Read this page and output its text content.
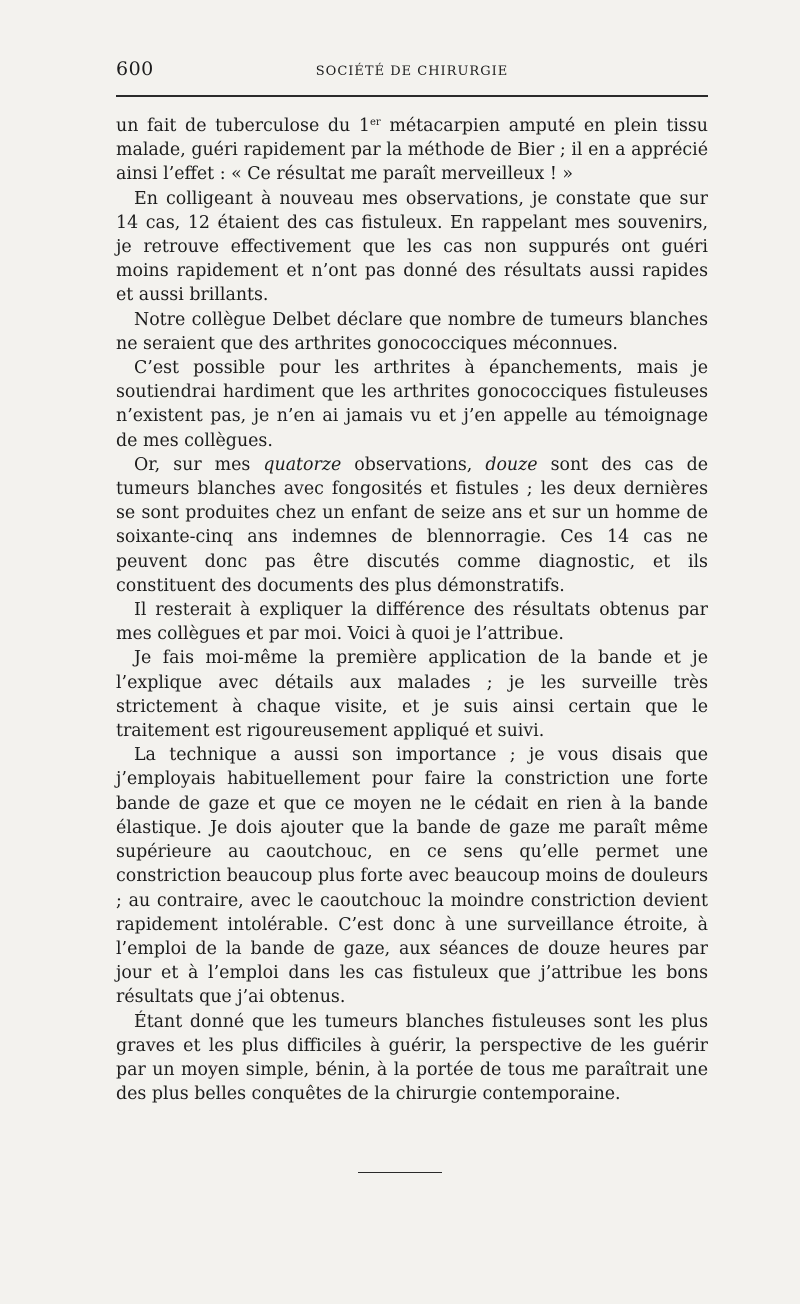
600	SOCIÉTÉ DE CHIRURGIE

un fait de tuberculose du 1er métacarpien amputé en plein tissu malade, guéri rapidement par la méthode de Bier ; il en a apprécié ainsi l’effet : « Ce résultat me paraît merveilleux ! »

En colligeant à nouveau mes observations, je constate que sur 14 cas, 12 étaient des cas fistuleux. En rappelant mes souvenirs, je retrouve effectivement que les cas non suppurés ont guéri moins rapidement et n’ont pas donné des résultats aussi rapides et aussi brillants.

Notre collègue Delbet déclare que nombre de tumeurs blanches ne seraient que des arthrites gonococciques méconnues.

C’est possible pour les arthrites à épanchements, mais je soutiendrai hardiment que les arthrites gonococciques fistuleuses n’existent pas, je n’en ai jamais vu et j’en appelle au témoignage de mes collègues.

Or, sur mes quatorze observations, douze sont des cas de tumeurs blanches avec fongosités et fistules ; les deux dernières se sont produites chez un enfant de seize ans et sur un homme de soixante-cinq ans indemnes de blennorragie. Ces 14 cas ne peuvent donc pas être discutés comme diagnostic, et ils constituent des documents des plus démonstratifs.

Il resterait à expliquer la différence des résultats obtenus par mes collègues et par moi. Voici à quoi je l’attribue.

Je fais moi-même la première application de la bande et je l’explique avec détails aux malades ; je les surveille très strictement à chaque visite, et je suis ainsi certain que le traitement est rigoureusement appliqué et suivi.

La technique a aussi son importance ; je vous disais que j’employais habituellement pour faire la constriction une forte bande de gaze et que ce moyen ne le cédait en rien à la bande élastique. Je dois ajouter que la bande de gaze me paraît même supérieure au caoutchouc, en ce sens qu’elle permet une constriction beaucoup plus forte avec beaucoup moins de douleurs ; au contraire, avec le caoutchouc la moindre constriction devient rapidement intolérable. C’est donc à une surveillance étroite, à l’emploi de la bande de gaze, aux séances de douze heures par jour et à l’emploi dans les cas fistuleux que j’attribue les bons résultats que j’ai obtenus.

Étant donné que les tumeurs blanches fistuleuses sont les plus graves et les plus difficiles à guérir, la perspective de les guérir par un moyen simple, bénin, à la portée de tous me paraîtrait une des plus belles conquêtes de la chirurgie contemporaine.
